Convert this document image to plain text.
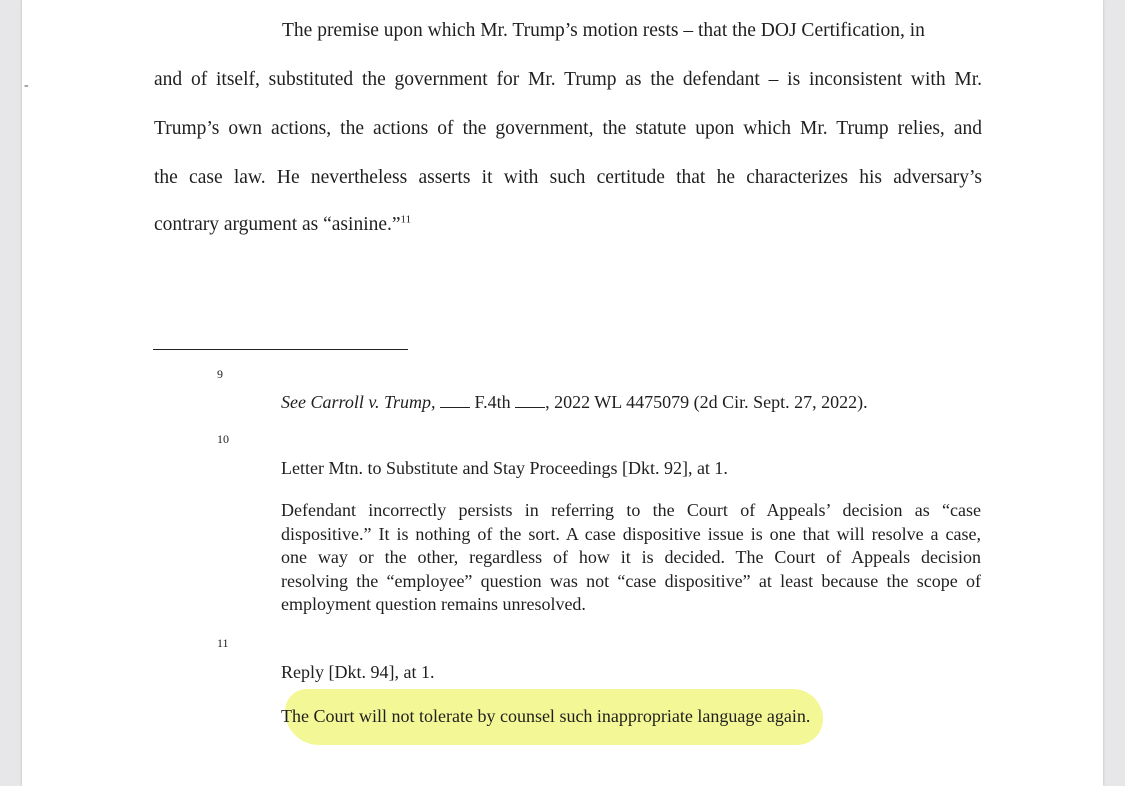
The premise upon which Mr. Trump’s motion rests – that the DOJ Certification, in
and of itself, substituted the government for Mr. Trump as the defendant – is inconsistent with Mr.
Trump’s own actions, the actions of the government, the statute upon which Mr. Trump relies, and
the case law. He nevertheless asserts it with such certitude that he characterizes his adversary’s
contrary argument as “asinine.”$^{11}$
9
See Carroll v. Trump, F.4th , 2022 WL 4475079 (2d Cir. Sept. 27, 2022).
10
Letter Mtn. to Substitute and Stay Proceedings [Dkt. 92], at 1.
Defendant incorrectly persists in referring to the Court of Appeals’ decision as “case
dispositive.” It is nothing of the sort. A case dispositive issue is one that will resolve a case,
one way or the other, regardless of how it is decided. The Court of Appeals decision
resolving the “employee” question was not “case dispositive” at least because the scope of
employment question remains unresolved.
11
Reply [Dkt. 94], at 1.
The Court will not tolerate by counsel such inappropriate language again.
-
